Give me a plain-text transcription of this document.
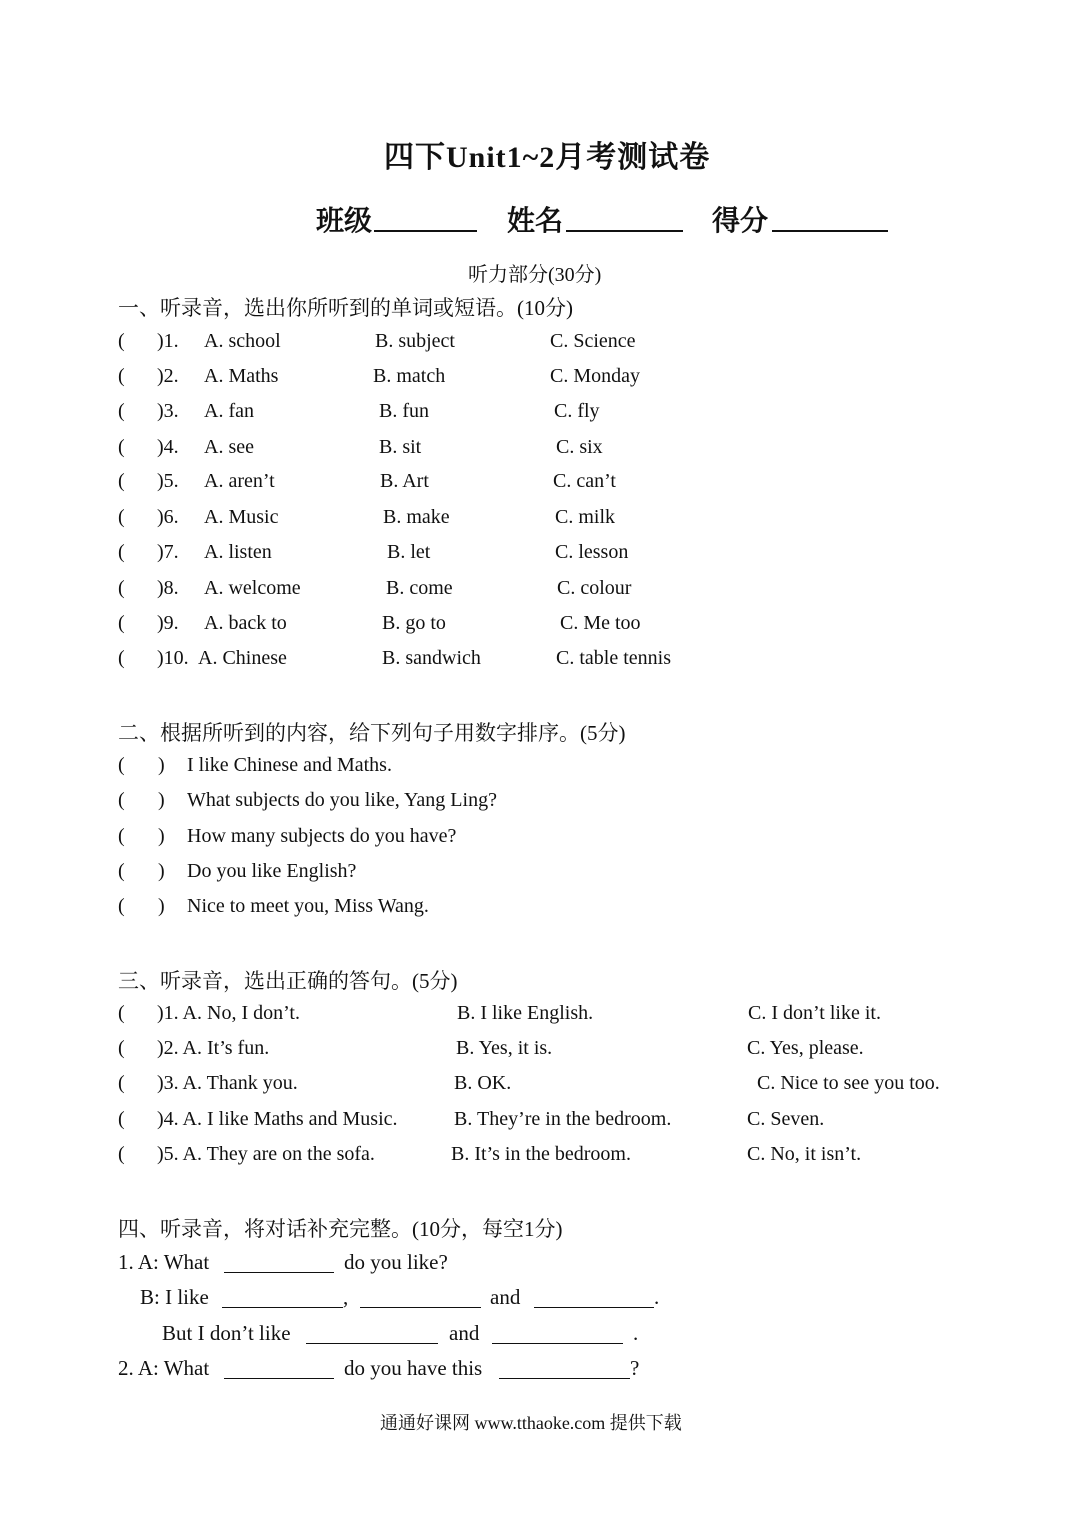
四下Unit1~2月考测试卷
班级	姓名	得分
听力部分(30分)
一、听录音，选出你所听到的单词或短语。(10分)
( )1. A. school	B. subject	C. Science
( )2. A. Maths	B. match	C. Monday
( )3. A. fan	B. fun	C. fly
( )4. A. see	B. sit	C. six
( )5. A. aren’t	B. Art	C. can’t
( )6. A. Music	B. make	C. milk
( )7. A. listen	B. let	C. lesson
( )8. A. welcome	B. come	C. colour
( )9. A. back to	B. go to	C. Me too
( )10. A. Chinese	B. sandwich	C. table tennis
二、根据所听到的内容，给下列句子用数字排序。(5分)
( ) I like Chinese and Maths.
( ) What subjects do you like, Yang Ling?
( ) How many subjects do you have?
( ) Do you like English?
( ) Nice to meet you, Miss Wang.
三、听录音，选出正确的答句。(5分)
( )1. A. No, I don’t.	B. I like English.	C. I don’t like it.
( )2. A. It’s fun.	B. Yes, it is.	C. Yes, please.
( )3. A. Thank you.	B. OK.	C. Nice to see you too.
( )4. A. I like Maths and Music.	B. They’re in the bedroom.	C. Seven.
( )5. A. They are on the sofa.	B. It’s in the bedroom.	C. No, it isn’t.
四、听录音，将对话补充完整。(10分，每空1分)
1. A: What	do you like?
B: I like	,	and	.
But I don’t like	and	.
2. A: What	do you have this	?
通通好课网 www.tthaoke.com 提供下载
